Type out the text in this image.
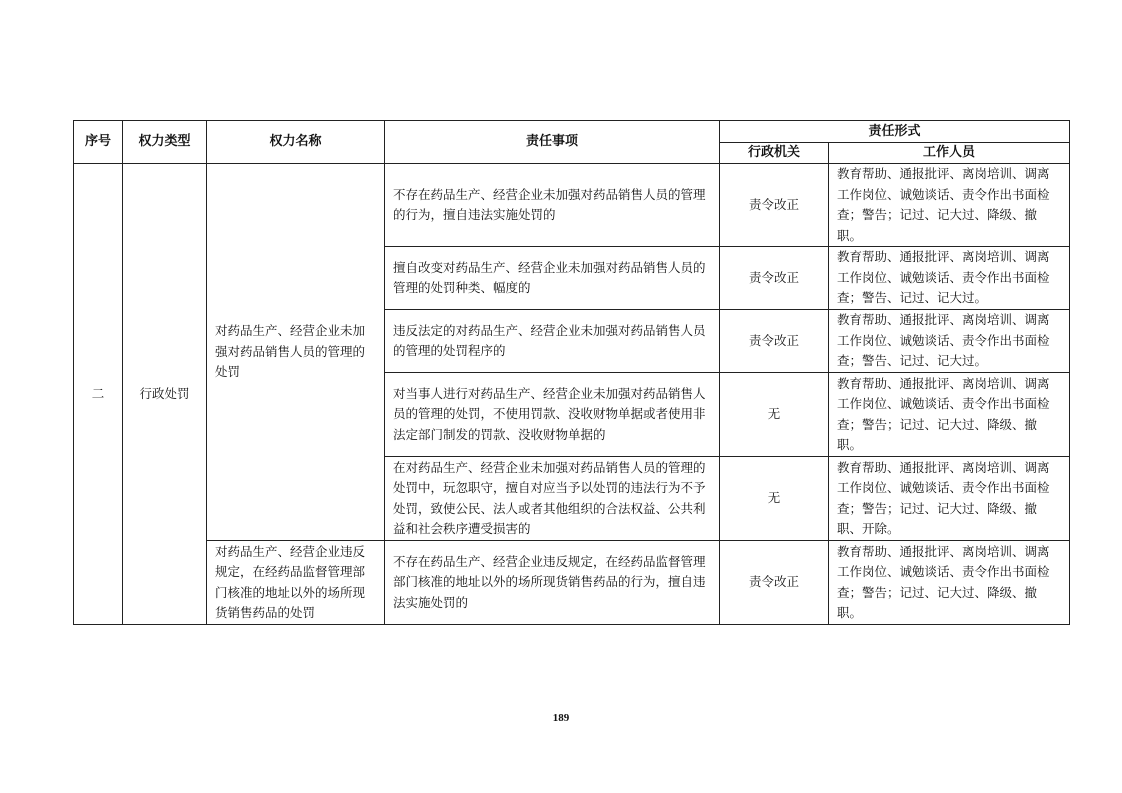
序号	权力类型	权力名称	责任事项	责任形式	
				行政机关	工作人员
二	行政处罚	对药品生产、经营企业未加强对药品销售人员的管理的处罚	不存在药品生产、经营企业未加强对药品销售人员的管理的行为，擅自违法实施处罚的	责令改正	教育帮助、通报批评、离岗培训、调离工作岗位、诚勉谈话、责令作出书面检查；警告；记过、记大过、降级、撤职。
			擅自改变对药品生产、经营企业未加强对药品销售人员的管理的处罚种类、幅度的	责令改正	教育帮助、通报批评、离岗培训、调离工作岗位、诚勉谈话、责令作出书面检查；警告、记过、记大过。
			违反法定的对药品生产、经营企业未加强对药品销售人员的管理的处罚程序的	责令改正	教育帮助、通报批评、离岗培训、调离工作岗位、诚勉谈话、责令作出书面检查；警告、记过、记大过。
			对当事人进行对药品生产、经营企业未加强对药品销售人员的管理的处罚，不使用罚款、没收财物单据或者使用非法定部门制发的罚款、没收财物单据的	无	教育帮助、通报批评、离岗培训、调离工作岗位、诚勉谈话、责令作出书面检查；警告；记过、记大过、降级、撤职。
			在对药品生产、经营企业未加强对药品销售人员的管理的处罚中，玩忽职守，擅自对应当予以处罚的违法行为不予处罚，致使公民、法人或者其他组织的合法权益、公共利益和社会秩序遭受损害的	无	教育帮助、通报批评、离岗培训、调离工作岗位、诚勉谈话、责令作出书面检查；警告；记过、记大过、降级、撤职、开除。
		对药品生产、经营企业违反规定，在经药品监督管理部门核准的地址以外的场所现货销售药品的处罚	不存在药品生产、经营企业违反规定，在经药品监督管理部门核准的地址以外的场所现货销售药品的行为，擅自违法实施处罚的	责令改正	教育帮助、通报批评、离岗培训、调离工作岗位、诚勉谈话、责令作出书面检查；警告；记过、记大过、降级、撤职。
189
